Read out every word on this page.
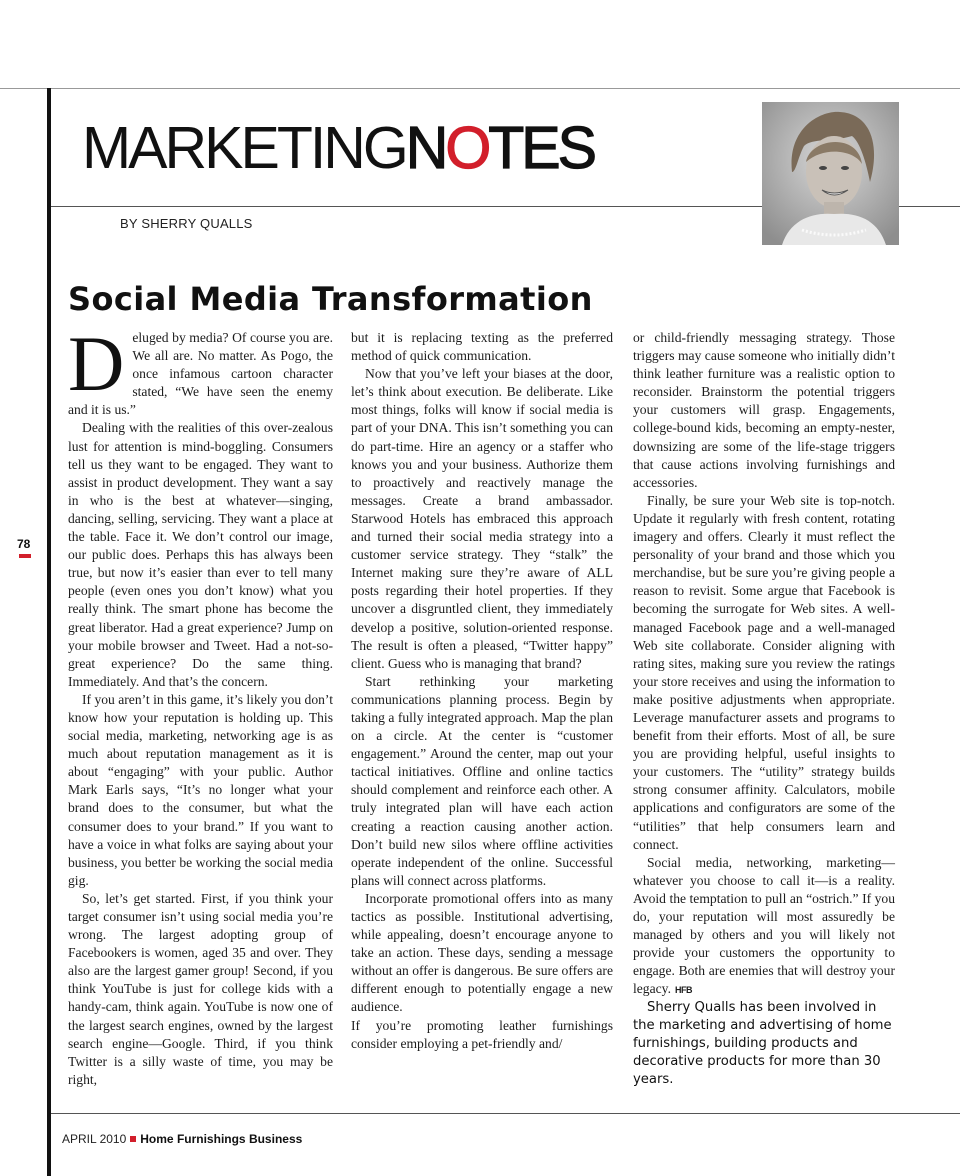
MARKETINGNOTES
BY SHERRY QUALLS
Social Media Transformation

Deluged by media? Of course you are. We all are. No matter. As Pogo, the once infamous cartoon character stated, “We have seen the enemy and it is us.”

Dealing with the realities of this over-zealous lust for attention is mind-boggling. Consumers tell us they want to be engaged. They want to assist in product development. They want a say in who is the best at whatever—singing, dancing, selling, servicing. They want a place at the table. Face it. We don’t control our image, our public does. Perhaps this has always been true, but now it’s easier than ever to tell many people (even ones you don’t know) what you really think. The smart phone has become the great liberator. Had a great experience? Jump on your mobile browser and Tweet. Had a not-so-great experience? Do the same thing. Immediately. And that’s the concern.

If you aren’t in this game, it’s likely you don’t know how your reputation is holding up. This social media, marketing, networking age is as much about reputation management as it is about “engaging” with your public. Author Mark Earls says, “It’s no longer what your brand does to the consumer, but what the consumer does to your brand.” If you want to have a voice in what folks are saying about your business, you better be working the social media gig.

So, let’s get started. First, if you think your target consumer isn’t using social media you’re wrong. The largest adopting group of Facebookers is women, aged 35 and over. They also are the largest gamer group! Second, if you think YouTube is just for college kids with a handy-cam, think again. YouTube is now one of the largest search engines, owned by the largest search engine—Google. Third, if you think Twitter is a silly waste of time, you may be right,

but it is replacing texting as the preferred method of quick communication.

Now that you’ve left your biases at the door, let’s think about execution. Be deliberate. Like most things, folks will know if social media is part of your DNA. This isn’t something you can do part-time. Hire an agency or a staffer who knows you and your business. Authorize them to proactively and reactively manage the messages. Create a brand ambassador. Starwood Hotels has embraced this approach and turned their social media strategy into a customer service strategy. They “stalk” the Internet making sure they’re aware of ALL posts regarding their hotel properties. If they uncover a disgruntled client, they immediately develop a positive, solution-oriented response. The result is often a pleased, “Twitter happy” client. Guess who is managing that brand?

Start rethinking your marketing communications planning process. Begin by taking a fully integrated approach. Map the plan on a circle. At the center is “customer engagement.” Around the center, map out your tactical initiatives. Offline and online tactics should complement and reinforce each other. A truly integrated plan will have each action creating a reaction causing another action. Don’t build new silos where offline activities operate independent of the online. Successful plans will connect across platforms.

Incorporate promotional offers into as many tactics as possible. Institutional advertising, while appealing, doesn’t encourage anyone to take an action. These days, sending a message without an offer is dangerous. Be sure offers are different enough to potentially engage a new audience.

If you’re promoting leather furnishings consider employing a pet-friendly and/

or child-friendly messaging strategy. Those triggers may cause someone who initially didn’t think leather furniture was a realistic option to reconsider. Brainstorm the potential triggers your customers will grasp. Engagements, college-bound kids, becoming an empty-nester, downsizing are some of the life-stage triggers that cause actions involving furnishings and accessories.

Finally, be sure your Web site is top-notch. Update it regularly with fresh content, rotating imagery and offers. Clearly it must reflect the personality of your brand and those which you merchandise, but be sure you’re giving people a reason to revisit. Some argue that Facebook is becoming the surrogate for Web sites. A well-managed Facebook page and a well-managed Web site collaborate. Consider aligning with rating sites, making sure you review the ratings your store receives and using the information to make positive adjustments when appropriate. Leverage manufacturer assets and programs to benefit from their efforts. Most of all, be sure you are providing helpful, useful insights to your customers. The “utility” strategy builds strong consumer affinity. Calculators, mobile applications and configurators are some of the “utilities” that help consumers learn and connect.

Social media, networking, marketing—whatever you choose to call it—is a reality. Avoid the temptation to pull an “ostrich.” If you do, your reputation will most assuredly be managed by others and you will likely not provide your customers the opportunity to engage. Both are enemies that will destroy your legacy. HFB

Sherry Qualls has been involved in the marketing and advertising of home furnishings, building products and decorative products for more than 30 years.

78
APRIL 2010 Home Furnishings Business
